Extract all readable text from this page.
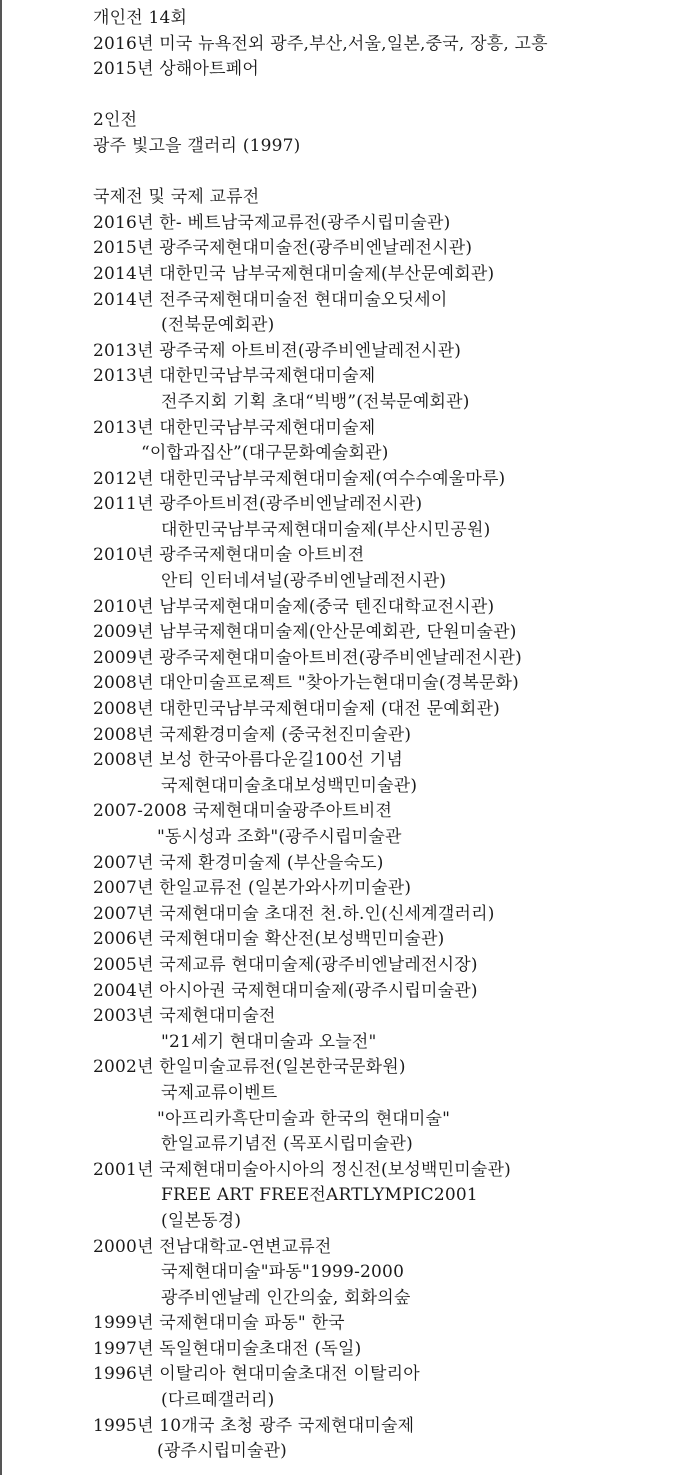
개인전 14회
2016년 미국 뉴욕전외 광주,부산,서울,일본,중국, 장흥, 고흥
2015년 상해아트페어
2인전
광주 빛고을 갤러리 (1997)
국제전 및 국제 교류전
2016년 한- 베트남국제교류전(광주시립미술관)
2015년 광주국제현대미술전(광주비엔날레전시관)
2014년 대한민국 남부국제현대미술제(부산문예회관)
2014년 전주국제현대미술전 현대미술오딧세이
(전북문예회관)
2013년 광주국제 아트비젼(광주비엔날레전시관)
2013년 대한민국남부국제현대미술제
전주지회 기획 초대“빅뱅”(전북문예회관)
2013년 대한민국남부국제현대미술제
“이합과집산”(대구문화예술회관)
2012년 대한민국남부국제현대미술제(여수수예울마루)
2011년 광주아트비젼(광주비엔날레전시관)
대한민국남부국제현대미술제(부산시민공원)
2010년 광주국제현대미술 아트비젼
안티 인터네셔널(광주비엔날레전시관)
2010년 남부국제현대미술제(중국 텐진대학교전시관)
2009년 남부국제현대미술제(안산문예회관, 단원미술관)
2009년 광주국제현대미술아트비젼(광주비엔날레전시관)
2008년 대안미술프로젝트 "찾아가는현대미술(경복문화)
2008년 대한민국남부국제현대미술제 (대전 문예회관)
2008년 국제환경미술제 (중국천진미술관)
2008년 보성 한국아름다운길100선 기념
국제현대미술초대보성백민미술관)
2007-2008 국제현대미술광주아트비젼
"동시성과 조화"(광주시립미술관
2007년 국제 환경미술제 (부산을숙도)
2007년 한일교류전 (일본가와사끼미술관)
2007년 국제현대미술 초대전 천.하.인(신세계갤러리)
2006년 국제현대미술 확산전(보성백민미술관)
2005년 국제교류 현대미술제(광주비엔날레전시장)
2004년 아시아권 국제현대미술제(광주시립미술관)
2003년 국제현대미술전
"21세기 현대미술과 오늘전"
2002년 한일미술교류전(일본한국문화원)
국제교류이벤트
"아프리카흑단미술과 한국의 현대미술"
한일교류기념전 (목포시립미술관)
2001년 국제현대미술아시아의 정신전(보성백민미술관)
FREE ART FREE전ARTLYMPIC2001
(일본동경)
2000년 전남대학교-연변교류전
국제현대미술"파동"1999-2000
광주비엔날레 인간의숲, 회화의숲
1999년 국제현대미술 파동" 한국
1997년 독일현대미술초대전 (독일)
1996년 이탈리아 현대미술초대전 이탈리아
(다르떼갤러리)
1995년 10개국 초청 광주 국제현대미술제
(광주시립미술관)
